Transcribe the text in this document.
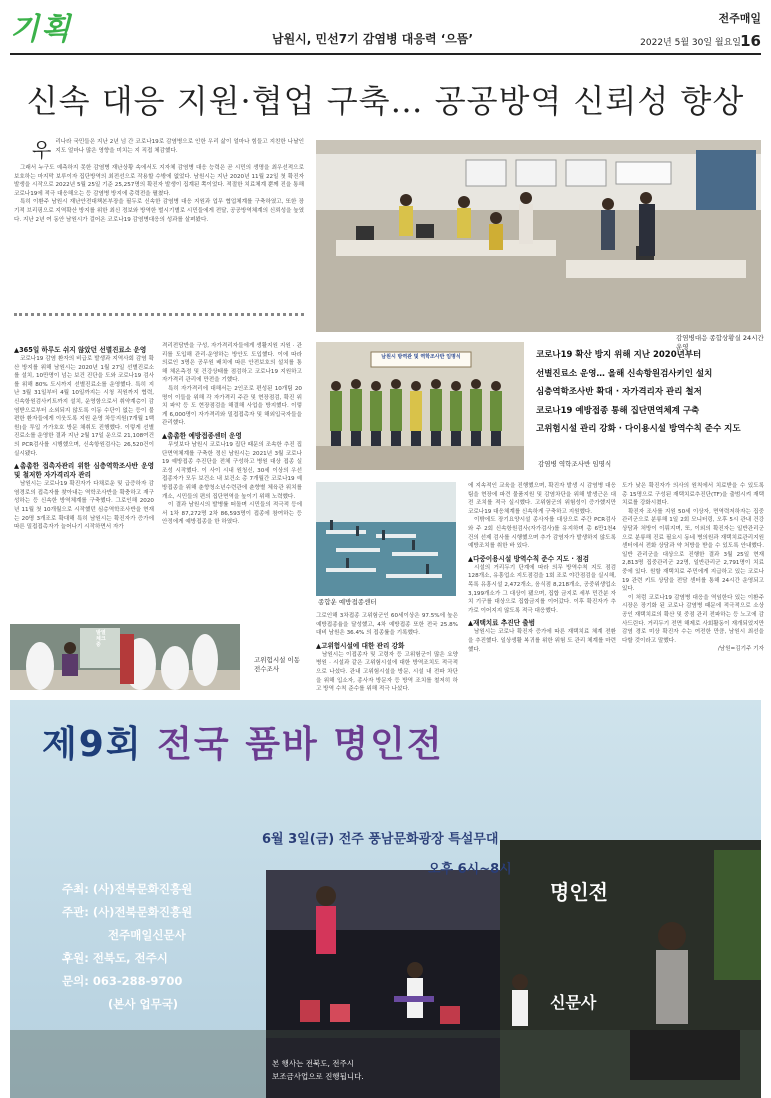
기획	남원시, 민선7기 감염병 대응력 ‘으뜸’
전주매일
2022년 5월 30일 월요일 16
신속 대응 지원·협업 구축… 공공방역 신뢰성 향상
우 리나라 국민들은 지난 2년 넘 간 코로나19로 감염병으로 인한 우리 삶이 얼마나 힘들고 지친한 나날인지도 얼마나 많은 영향을 미치는 지 직접 체감했다.

그래서 누구도 예측하지 못한 감염병 재난상황 속에서도 지자체 감염병 대응 능력은 곧 시민의 생명을 최우선적으로 보호하는 마지막 보루이자 집단방역의 최전선으로 작용할 수밖에 없었다. 남원시는 지난 2020년 11월 22일 첫 확진자 발생을 시작으로 2022년 5월 25일 기준 25,257명의 확진자 발생이 집계된 쪽이었다. 적절한 치료체계 뿐께 진을 통해 코로나19에 적극 대응해오는 등 감염병 방지에 총력전을 펼쳤다.

특히 이환주 남원시 재난안전대책본부장을 필두로 신속한 감염병 대응 지원과 업무 협업체계를 구축하였고, 또한 장기적 브리핑으로 지역확산 방지를 위한 최신 정보와 방역한 벌시기별로 시민들에게 전달, 공공방역체계의 신뢰성을 높였다. 지난 2년 여 동안 남원시가 걸어온 코로나19 감염병대응의 성과를 살펴봤다.

감염병대응 종합상황실 24시간 운영
▲365일 하루도 쉬지 않았던 선별진료소 운영

코로나19 감염 환자의 비급로 발생과 지역사회 감염 확산 방지를 위해 남원시는 2020년 1월 27일 선별진료소를 설치, 10만명이 넘는 보건 진단을 도와 코로나19 검사를 위해 80% 도시까지 선별진료소를 운영했다. 특히 지난 3월 31일부터 4월 10일까지는 시청 직원까지 협력, 신속항원검사키트까지 설치, 운영함으로서 취약계층이 감염받으로부터 소외되지 않도록 이동 수단이 없는 등이 불편한 환자들에게 이웃도록 지원 운영 차등지원(7개월 1백원)을 투입 가가호호 방문 채취도 진행했다. 이렇게 선별진료소를 운영한 결과 지난 2월 17일 운으로 21,108여건의 PCR검사를 시행했으며, 신속항원검사는 26,520건이 실시됐다.

▲촘촘한 접촉자관리 위한 심층역학조사반 운영 및 철저한 자가격리자 관리

남원시는 코로나19 확진자가 다채로운 및 급증하자 감염경로의 접촉자를 찾아내는 역학조사반을 확충하고 재구성하는 등 신속한 방역체계를 구축했다. 그로인해 2020년 11월 첫 10개월으로 시작했던 심층역학조사반을 현재는 20명 3개조로 확대해 특히 남원시는 확진자가 증가에 따른 밀접접촉자가 늘어나기 시작하면서 자가

격리전담반을 구성, 자가격리자들에게 생활지원 지원 · 관리를 도입해 관리·운영하는 방안도 도입했다. 이에 따라 의료인 3명은 공무원 배치에 따른 안전보호의 설치를 통해 체온측정 및 건강상태를 점검하고 코로나19 지원하고 자가격리 관리에 만전을 기했다.

특히 자가격리에 대해서는 2인조로 편성된 10개팀 20명이 이들을 위해 각 자가격리 주관 및 현장점검, 확진 위치 파악 등 도 현장점검을 해결해 사업을 방지했다. 이렇게 6,000명이 자가격리와 밀접접촉자 및 해외입국자들을 관리했다.

▲촘촘한 예방접종센터 운영

무엇보다 남원시 코로나19 집단 때문의 조속한 추진 집단면역체계를 구축한 정신 남원시는 2021년 3월 코로나19 예방접종 추진단을 전체 구성하고 병원 대상 접종 실 조성 시작했다. 이 사이 시내 원청신, 30세 이상의 우선 접종자가 모두 보건소 내 보건소 총 7개월간 코로나19 예방접종을 위해 춘향청소년수련관에 춘향별 체육관 위치를 개소, 시민들의 편의 집단면역을 높이기 위해 노력했다.

이 결과 남원시의 발병률 떠돌며 시민들의 적극적 등에서 1차 87,272명 2차 86,593명이 접종에 참여하는 등 안정에게 예방접종을 한 하였다.

남원시 방역관 및 역학조사반 임명식
감염병 역학조사반 임명식
코로나19 확산 방지 위해 지난 2020년부터
선별진료소 운영… 올해 신속항원검사키인 설치
심층역학조사반 확대 · 자가격리자 관리 철저
코로나19 예방접종 통해 집단면역체계 구축
고위험시설 관리 강화 · 다이용시설 방역수칙 준수 지도
종합운 예방접종센터

에 지속적인 교육을 진행했으며, 확진자 발생 시 감염병 대응팀을 현장에 파견 물품지원 및 감염차단을 위해 발생근은 대전 조치를 적극 실시했다. 고위험군의 위험성이 증가했지만 코로나19 대응체계를 신속하게 구축하고 지원했다.

이밖에도 장기요양시설 종사자를 대상으로 주간 PCR검사와 주 2회 신속항원검사(자가검사)를 유지하며 총 6만1천4건의 선제 검사를 시행했으며 추가 감염자가 발생하지 않도록 예방조치를 취한 바 있다.

▲다중이용시설 방역수칙 준수 지도 · 점검

시설의 거리두기 단계에 따라 의무 방역수칙 지도 점검 128개소, 유흥업소 지도점검을 1회 조로 야간점검을 실시해, 목록 유흥시설 2,472개소, 음식점 8,218개소, 공중위생업소 3,199개소가 그 대상이 됐으며, 집합 금지로 세부 민간분 자치 기구를 대상으로 집합금지를 이어갔다. 이후 확진자가 추가로 이어지지 않도록 적극 대응했다.

▲재택치료 추진단 출범

남원시는 코로나 확진자 증가에 따른 재택치료 체계 전환을 추진했다. 일상생활 복귀를 위한 위험 도 관리 체계를 마련했다.

도가 낮은 확진자가 의사의 원칙에서 치료받을 수 있도록 총 15명으로 구성된 재택치료추진단(TF)을 출범시켜 재택치료를 강화시켰다.

확진자 조사를 지원 50세 이상자, 면역력저하자는 집중관리군으로 분류해 1일 2회 모니터링, 오후 5시 관내 건강 상담과 처방이 이뤄지며, 또, 이외의 확진자는 일반관리군으로 분류해 진료 필요시 동네 병의원과 재택치료관리지원센터에서 전화 상담과 약 처방을 받을 수 있도록 안내했다. 일반 관리군을 대상으로 진행한 결과 3월 25일 현재 2,813명 집중관리군 22명, 일반관리군 2,791명이 치료 중에 있다. 원할 재택치료 주민에게 지급하고 있는 코로나19 관련 키트 상담을 전담 센터를 통해 24시간 운영되고 있다.

이 처럼 코로나19 감염병 대응을 역임한다 있는 이환주 시장은 장기화 된 코로나 감염병 때문에 적극적으로 소상공인 재택치료의 확산 및 중점 관리 전파하는 등 노고에 감사드린다. 거리두기 전면 해제로 사회활동이 재개되었지만 감염 경로 미상 확진자 수는 여전한 만큼, 남원시 최선을 다할 것이라고 말했다.

/남원=김기주 기자

그로인해 3차접종 고위험군인 60세이상은 97.5%에 높은 예방접종율을 달성했고, 4차 예방접종 또한 전국 25.8% 대비 남원은 36.4% 의 접종률을 기록했다.

▲고위험시설에 대한 관리 강화

남원시는 이접종자 및 고령자 등 고위험군이 많은 요양병원 · 시설과 같은 고위험시설에 대한 방역조치도 적극적으로 나섰다. 관내 고위험시설을 방문, 시설 내 전파 차단을 위해 입소자, 종사자 방문자 등 방역 조치를 철저히 하고 방역 수칙 준수를 위해 적극 나섰다.

발열 체크 중
고위험시설 이동 전수조사
제9회 전국 품바 명인전
6월 3일(금) 전주 풍남문화광장 특설무대
오후 6시~8시
주최: (사)전북문화진흥원
주관: (사)전북문화진흥원
전주매일신문사
후원: 전북도, 전주시
문의: 063-288-9700
(본사 업무국)
명인전
신문사
본 행사는 전북도, 전주시
보조금사업으로 진행됩니다.
